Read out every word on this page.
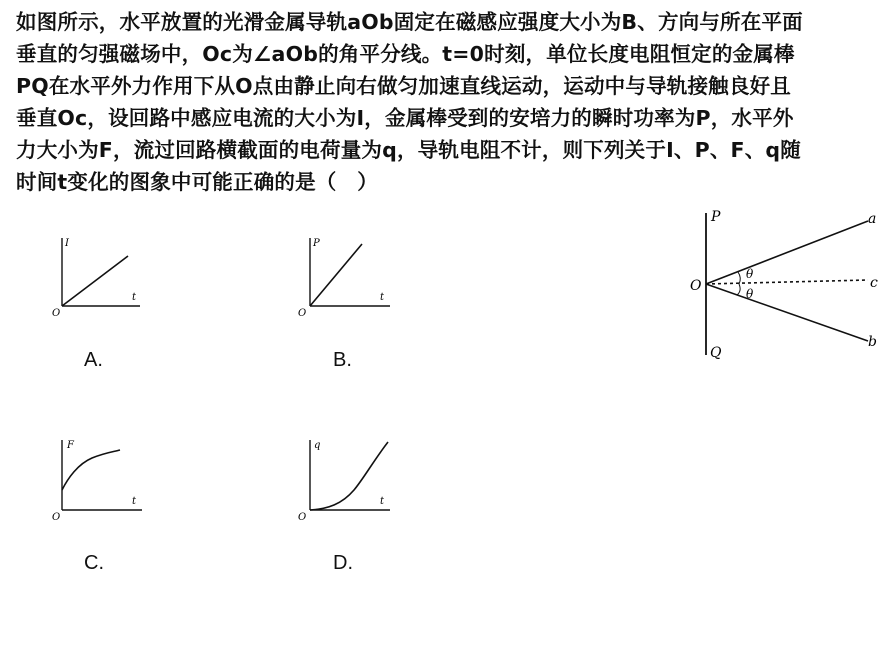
如图所示，水平放置的光滑金属导轨aOb固定在磁感应强度大小为B、方向与所在平面
垂直的匀强磁场中，Oc为∠aOb的角平分线。t=0时刻，单位长度电阻恒定的金属棒
PQ在水平外力作用下从O点由静止向右做匀加速直线运动，运动中与导轨接触良好且
垂直Oc，设回路中感应电流的大小为I，金属棒受到的安培力的瞬时功率为P，水平外
力大小为F，流过回路横截面的电荷量为q，导轨电阻不计，则下列关于I、P、F、q随
时间t变化的图象中可能正确的是（　）
I
t
O
A.
P
t
O
B.
F
t
O
C.
q
t
O
D.
P
Q
O
a
b
c
θ
θ
